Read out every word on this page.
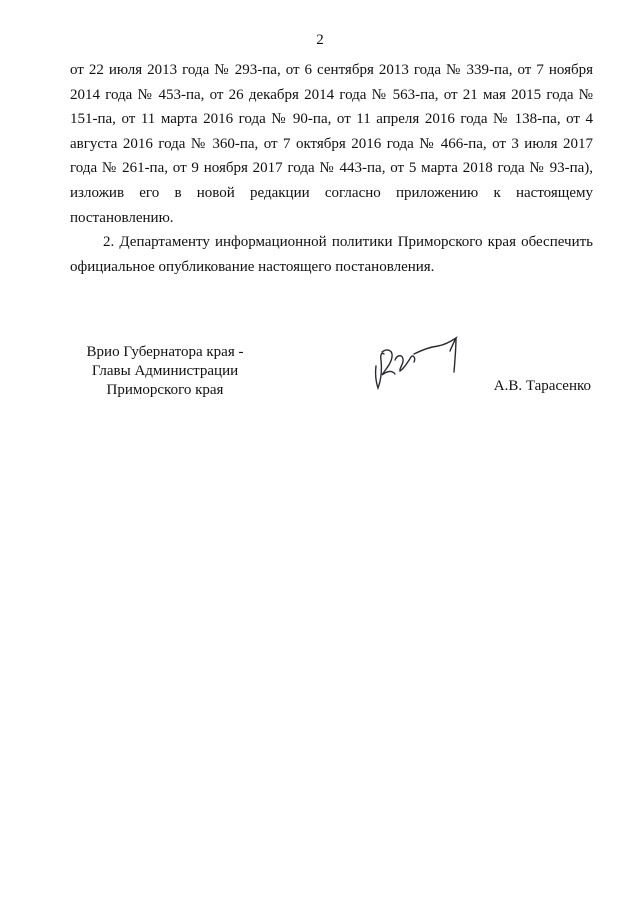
2

от 22 июля 2013 года № 293-па, от 6 сентября 2013 года № 339-па, от 7 ноября 2014 года № 453-па, от 26 декабря 2014 года № 563-па, от 21 мая 2015 года № 151-па, от 11 марта 2016 года № 90-па, от 11 апреля 2016 года № 138-па, от 4 августа 2016 года № 360-па, от 7 октября 2016 года № 466-па, от 3 июля 2017 года № 261-па, от 9 ноября 2017 года № 443-па, от 5 марта 2018 года № 93-па), изложив его в новой редакции согласно приложению к настоящему постановлению.

2. Департаменту информационной политики Приморского края обеспечить официальное опубликование настоящего постановления.

Врио Губернатора края -
Главы Администрации
Приморского края	А.В. Тарасенко
